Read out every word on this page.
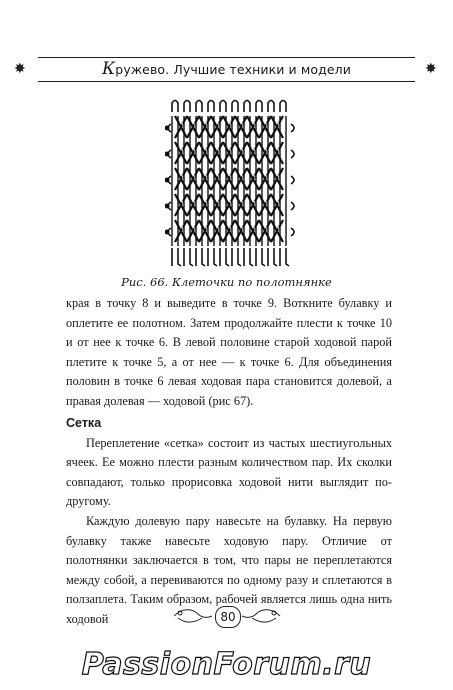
✸	Кружево. Лучшие техники и модели	✸
Рис. 66. Клеточки по полотнянке

края в точку 8 и выведите в точке 9. Воткните булавку и оплетите ее полотном. Затем продолжайте плести к точке 10 и от нее к точке 6. В левой половине старой ходовой парой плетите к точке 5, а от нее — к точке 6. Для объединения половин в точке 6 левая ходовая пара становится долевой, а правая долевая — ходовой (рис 67).

Сетка

Переплетение «сетка» состоит из частых шестиугольных ячеек. Ее можно плести разным количеством пар. Их сколки совпадают, только прорисовка ходовой нити выглядит по-другому.

Каждую долевую пару навесьте на булавку. На первую булавку также навесьте ходовую пару. Отличие от полотнянки заключается в том, что пары не переплетаются между собой, а перевиваются по одному разу и сплетаются в ползаплета. Таким образом, рабочей является лишь одна нить ходовой	80
PassionForum.ru
